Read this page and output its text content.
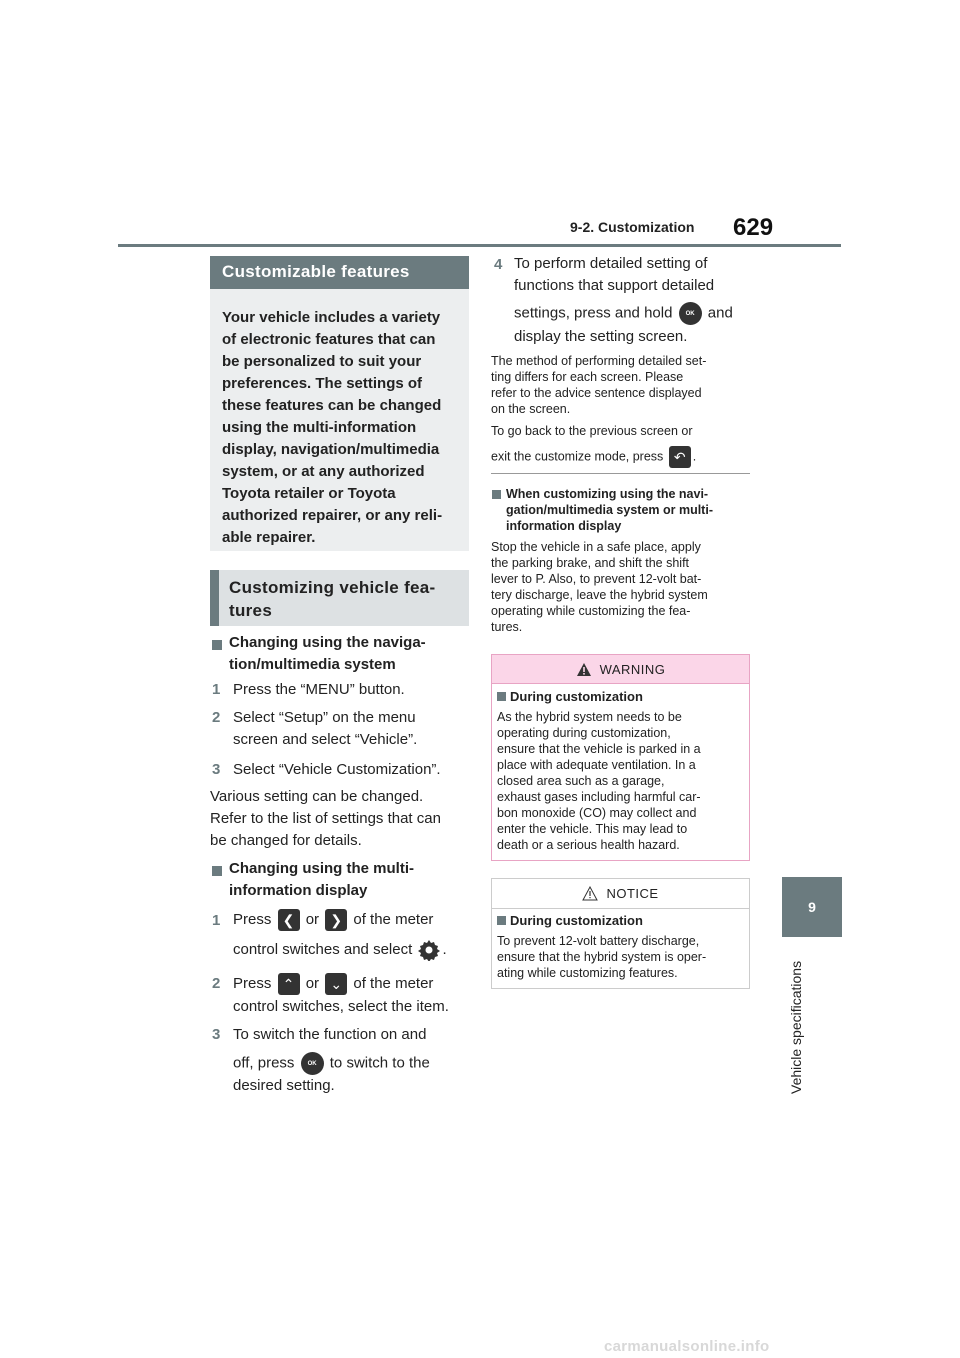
9-2. Customization 629
9
Vehicle specifications
Customizable features
Your vehicle includes a variety
of electronic features that can
be personalized to suit your
preferences. The settings of
these features can be changed
using the multi-information
display, navigation/multimedia
system, or at any authorized
Toyota retailer or Toyota
authorized repairer, or any reli-
able repairer.
Customizing vehicle fea-
tures
Changing using the naviga-
tion/multimedia system
1 Press the “MENU” button.
2 Select “Setup” on the menu
screen and select “Vehicle”.
3 Select “Vehicle Customization”.
Various setting can be changed.
Refer to the list of settings that can
be changed for details.
Changing using the multi-
information display
1 Press ❮ or ❯ of the meter
control switches and select .
2 Press ⌃ or ⌄ of the meter
control switches, select the item.
3 To switch the function on and
off, press OK to switch to the
desired setting.
4 To perform detailed setting of
functions that support detailed
settings, press and hold OK and
display the setting screen.
The method of performing detailed set-
ting differs for each screen. Please
refer to the advice sentence displayed
on the screen.
To go back to the previous screen or
exit the customize mode, press ↶ .
When customizing using the navi-
gation/multimedia system or multi-
information display
Stop the vehicle in a safe place, apply
the parking brake, and shift the shift
lever to P. Also, to prevent 12-volt bat-
tery discharge, leave the hybrid system
operating while customizing the fea-
tures.
WARNING
During customization
As the hybrid system needs to be
operating during customization,
ensure that the vehicle is parked in a
place with adequate ventilation. In a
closed area such as a garage,
exhaust gases including harmful car-
bon monoxide (CO) may collect and
enter the vehicle. This may lead to
death or a serious health hazard.
NOTICE
During customization
To prevent 12-volt battery discharge,
ensure that the hybrid system is oper-
ating while customizing features.
carmanualsonline.info
